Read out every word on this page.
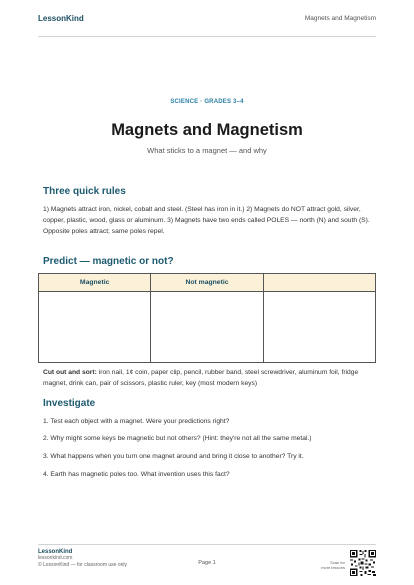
LessonKind	Magnets and Magnetism
SCIENCE · GRADES 3–4
Magnets and Magnetism
What sticks to a magnet — and why
Three quick rules
1) Magnets attract iron, nickel, cobalt and steel. (Steel has iron in it.) 2) Magnets do NOT attract gold, silver, copper, plastic, wood, glass or aluminum. 3) Magnets have two ends called POLES — north (N) and south (S). Opposite poles attract; same poles repel.
Predict — magnetic or not?
Magnetic	Not magnetic
Cut out and sort: iron nail, 1¢ coin, paper clip, pencil, rubber band, steel screwdriver, aluminum foil, fridge magnet, drink can, pair of scissors, plastic ruler, key (most modern keys)
Investigate
1. Test each object with a magnet. Were your predictions right?
2. Why might some keys be magnetic but not others? (Hint: they're not all the same metal.)
3. What happens when you turn one magnet around and bring it close to another? Try it.
4. Earth has magnetic poles too. What invention uses this fact?
LessonKind
lessonkind.com
© LessonKind — for classroom use only	Page 1	Scan for
more lessons
